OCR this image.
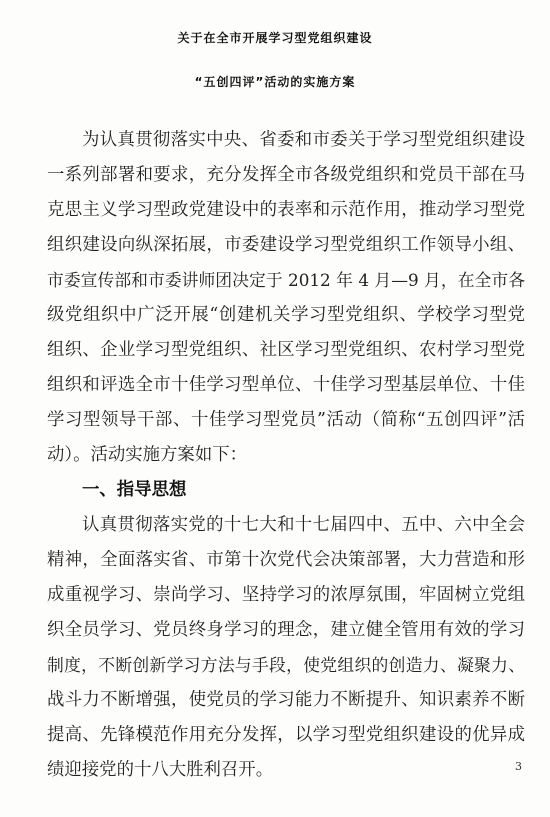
关于在全市开展学习型党组织建设
“五创四评”活动的实施方案
为认真贯彻落实中央、省委和市委关于学习型党组织建设
一系列部署和要求，充分发挥全市各级党组织和党员干部在马
克思主义学习型政党建设中的表率和示范作用，推动学习型党
组织建设向纵深拓展，市委建设学习型党组织工作领导小组、
市委宣传部和市委讲师团决定于 2012 年 4 月—9 月，在全市各
级党组织中广泛开展“创建机关学习型党组织、学校学习型党
组织、企业学习型党组织、社区学习型党组织、农村学习型党
组织和评选全市十佳学习型单位、十佳学习型基层单位、十佳
学习型领导干部、十佳学习型党员”活动（简称“五创四评”活
动）。活动实施方案如下：
一、指导思想
认真贯彻落实党的十七大和十七届四中、五中、六中全会
精神，全面落实省、市第十次党代会决策部署，大力营造和形
成重视学习、崇尚学习、坚持学习的浓厚氛围，牢固树立党组
织全员学习、党员终身学习的理念，建立健全管用有效的学习
制度，不断创新学习方法与手段，使党组织的创造力、凝聚力、
战斗力不断增强，使党员的学习能力不断提升、知识素养不断
提高、先锋模范作用充分发挥，以学习型党组织建设的优异成
绩迎接党的十八大胜利召开。	3
